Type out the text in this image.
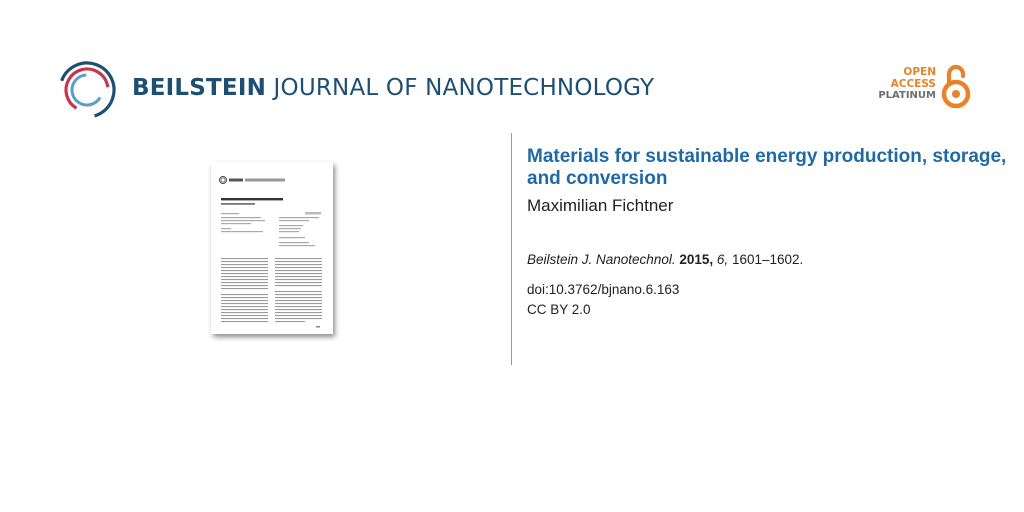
BEILSTEIN JOURNAL OF NANOTECHNOLOGY
OPEN
ACCESS
PLATINUM
Materials for sustainable energy production, storage, and conversion
Maximilian Fichtner
Beilstein J. Nanotechnol. 2015, 6, 1601–1602.
doi:10.3762/bjnano.6.163
CC BY 2.0
